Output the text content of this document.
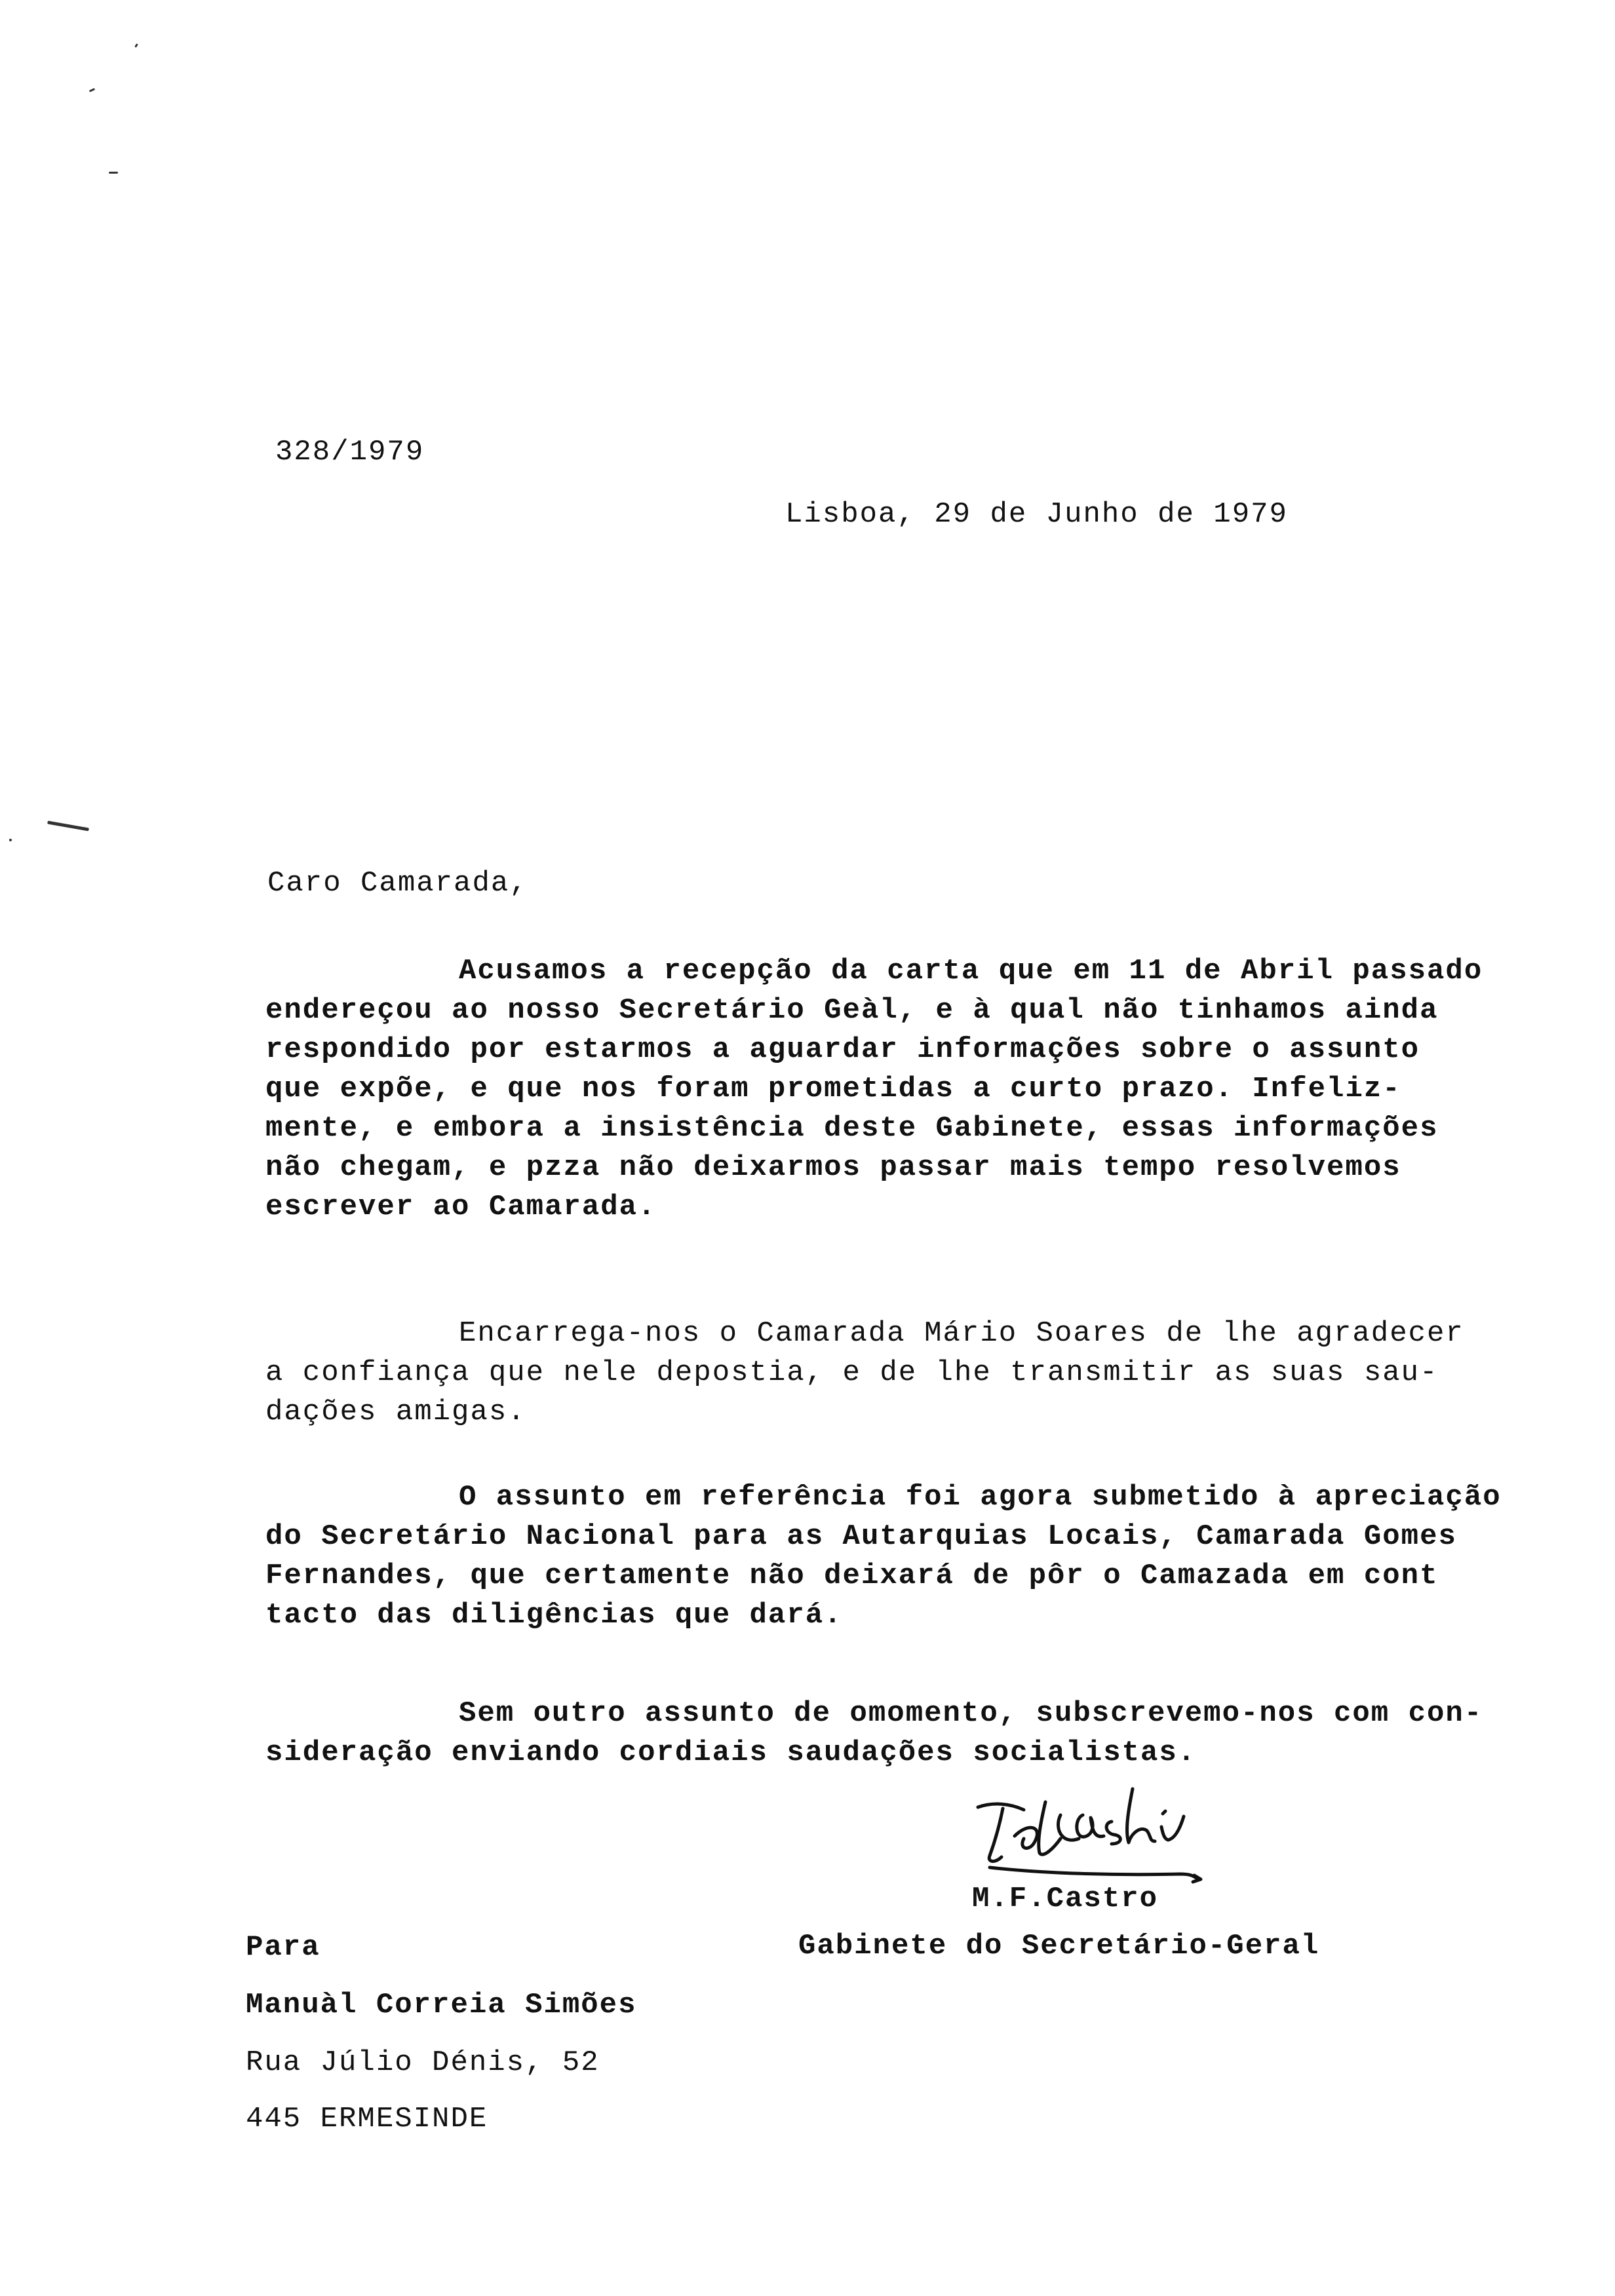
328/1979
Lisboa, 29 de Junho de 1979
Caro Camarada,
Acusamos a recepção da carta que em 11 de Abril passado
endereçou ao nosso Secretário Geàl, e à qual não tinhamos ainda
respondido por estarmos a aguardar informações sobre o assunto
que expõe, e que nos foram prometidas a curto prazo. Infeliz-
mente, e embora a insistência deste Gabinete, essas informações
não chegam, e pzza não deixarmos passar mais tempo resolvemos
escrever ao Camarada.
Encarrega-nos o Camarada Mário Soares de lhe agradecer
a confiança que nele depostia, e de lhe transmitir as suas sau-
dações amigas.
O assunto em referência foi agora submetido à apreciação
do Secretário Nacional para as Autarquias Locais, Camarada Gomes
Fernandes, que certamente não deixará de pôr o Camazada em cont
tacto das diligências que dará.
Sem outro assunto de omomento, subscrevemo-nos com con-
sideração enviando cordiais saudações socialistas.
M.F.Castro
Gabinete do Secretário-Geral
Para
Manuàl Correia Simões
Rua Júlio Dénis, 52
445 ERMESINDE
